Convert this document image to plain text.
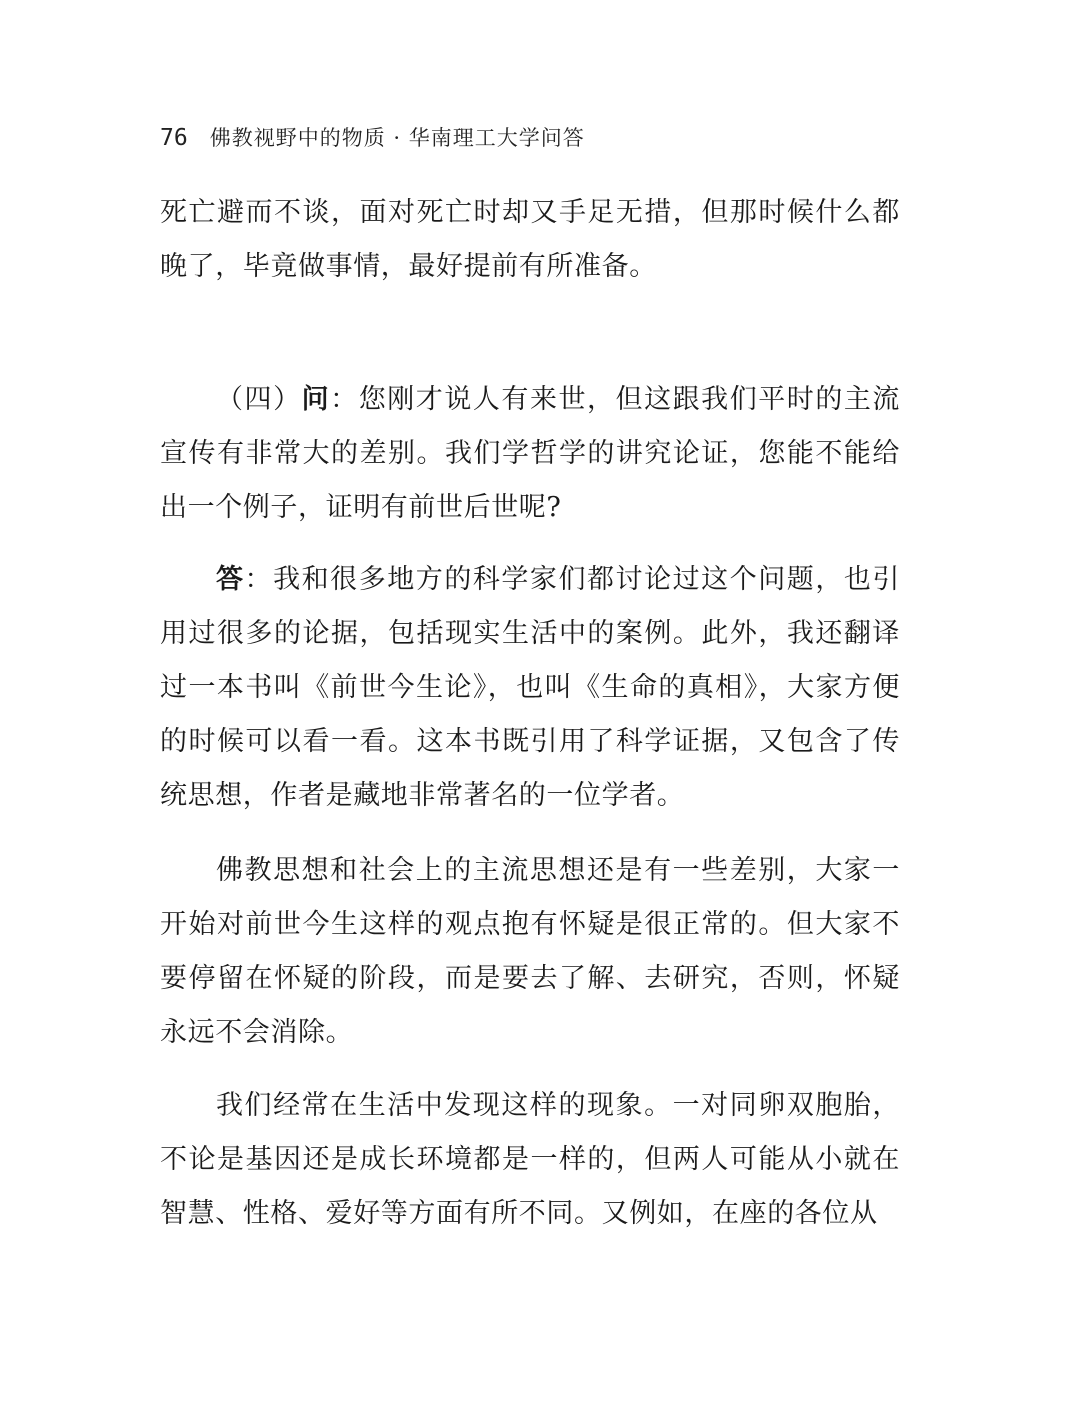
76 佛教视野中的物质 · 华南理工大学问答

死亡避而不谈，面对死亡时却又手足无措，但那时候什么都晚了，毕竟做事情，最好提前有所准备。

（四）问：您刚才说人有来世，但这跟我们平时的主流宣传有非常大的差别。我们学哲学的讲究论证，您能不能给出一个例子，证明有前世后世呢?

答：我和很多地方的科学家们都讨论过这个问题，也引用过很多的论据，包括现实生活中的案例。此外，我还翻译过一本书叫《前世今生论》，也叫《生命的真相》，大家方便的时候可以看一看。这本书既引用了科学证据，又包含了传统思想，作者是藏地非常著名的一位学者。

佛教思想和社会上的主流思想还是有一些差别，大家一开始对前世今生这样的观点抱有怀疑是很正常的。但大家不要停留在怀疑的阶段，而是要去了解、去研究，否则，怀疑永远不会消除。

我们经常在生活中发现这样的现象。一对同卵双胞胎，不论是基因还是成长环境都是一样的，但两人可能从小就在智慧、性格、爱好等方面有所不同。又例如，在座的各位从
